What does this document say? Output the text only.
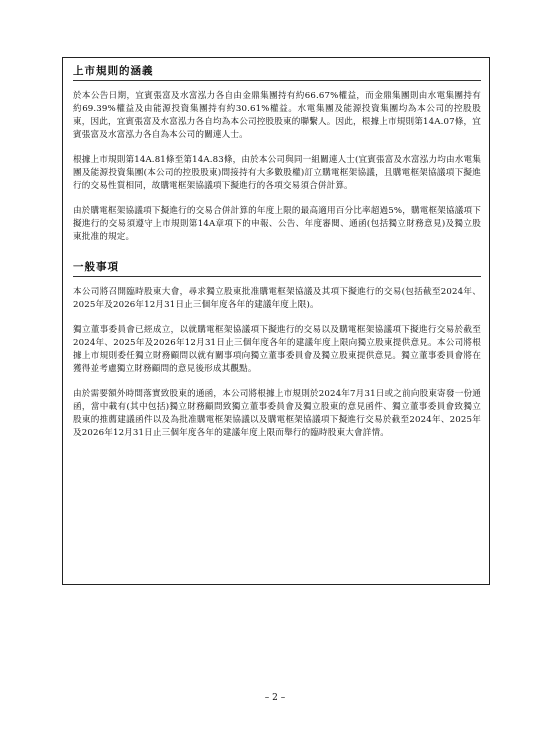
上市規則的涵義

於本公告日期，宜賓張富及水富泓力各自由金鼎集團持有約66.67%權益，而金鼎集團則由水電集團持有約69.39%權益及由能源投資集團持有約30.61%權益。水電集團及能源投資集團均為本公司的控股股東，因此，宜賓張富及水富泓力各自均為本公司控股股東的聯繫人。因此，根據上市規則第14A.07條，宜賓張富及水富泓力各自為本公司的關連人士。

根據上市規則第14A.81條至第14A.83條，由於本公司與同一組關連人士(宜賓張富及水富泓力均由水電集團及能源投資集團(本公司的控股股東)間接持有大多數股權)訂立購電框架協議，且購電框架協議項下擬進行的交易性質相同，故購電框架協議項下擬進行的各項交易須合併計算。

由於購電框架協議項下擬進行的交易合併計算的年度上限的最高適用百分比率超過5%，購電框架協議項下擬進行的交易須遵守上市規則第14A章項下的申報、公告、年度審閱、通函(包括獨立財務意見)及獨立股東批准的規定。

一般事項

本公司將召開臨時股東大會，尋求獨立股東批准購電框架協議及其項下擬進行的交易(包括截至2024年、2025年及2026年12月31日止三個年度各年的建議年度上限)。

獨立董事委員會已經成立，以就購電框架協議項下擬進行的交易以及購電框架協議項下擬進行交易於截至2024年、2025年及2026年12月31日止三個年度各年的建議年度上限向獨立股東提供意見。本公司將根據上市規則委任獨立財務顧問以就有關事項向獨立董事委員會及獨立股東提供意見。獨立董事委員會將在獲得並考慮獨立財務顧問的意見後形成其觀點。

由於需要額外時間落實致股東的通函，本公司將根據上市規則於2024年7月31日或之前向股東寄發一份通函，當中載有(其中包括)獨立財務顧問致獨立董事委員會及獨立股東的意見函件、獨立董事委員會致獨立股東的推薦建議函件以及為批准購電框架協議以及購電框架協議項下擬進行交易於截至2024年、2025年及2026年12月31日止三個年度各年的建議年度上限而舉行的臨時股東大會詳情。

– 2 –
